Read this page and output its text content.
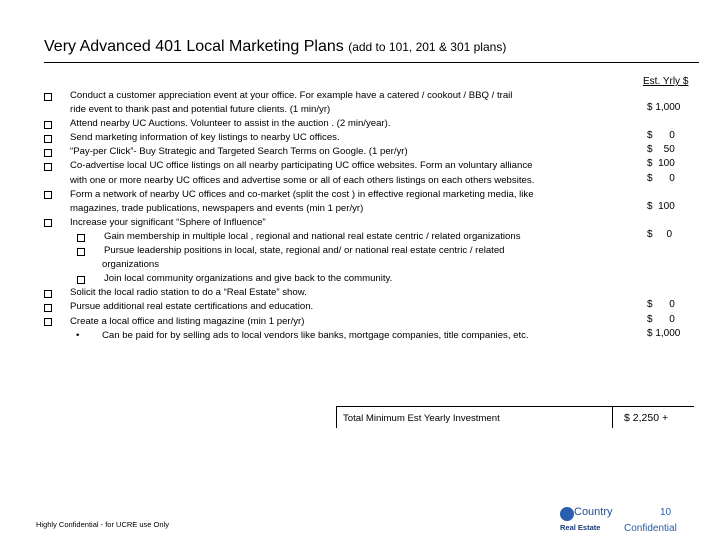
Very Advanced 401 Local Marketing Plans (add to 101, 201 & 301 plans)
Est. Yrly $
Conduct a customer appreciation event at your office. For example have a catered / cookout / BBQ / trail
ride event to thank past and potential future clients. (1 min/yr)
Attend nearby UC Auctions. Volunteer to assist in the auction . (2 min/year).
Send marketing information of key listings to nearby UC offices.
“Pay-per Click”- Buy Strategic and Targeted Search Terms on Google. (1 per/yr)
Co-advertise local UC office listings on all nearby participating UC office websites. Form an voluntary alliance
with one or more nearby UC offices and advertise some or all of each others listings on each others websites.
Form a network of nearby UC offices and co-market (split the cost ) in effective regional marketing media, like
magazines, trade publications, newspapers and events (min 1 per/yr)
Increase your significant “Sphere of Influence”
Gain membership in multiple local , regional and national real estate centric / related organizations
Pursue leadership positions in local, state, regional and/ or national real estate centric / related
organizations
Join local community organizations and give back to the community.
Solicit the local radio station to do a “Real Estate” show.
Pursue additional real estate certifications and education.
Create a local office and listing magazine (min 1 per/yr)
• Can be paid for by selling ads to local vendors like banks, mortgage companies, title companies, etc.
$ 1,000
$      0
$    50
$  100
$      0
$  100
$     0
$      0
$      0
$ 1,000
Total Minimum Est Yearly Investment	$ 2,250 +
Highly Confidential - for UCRE use Only
Country
Real Estate
10
Confidential
